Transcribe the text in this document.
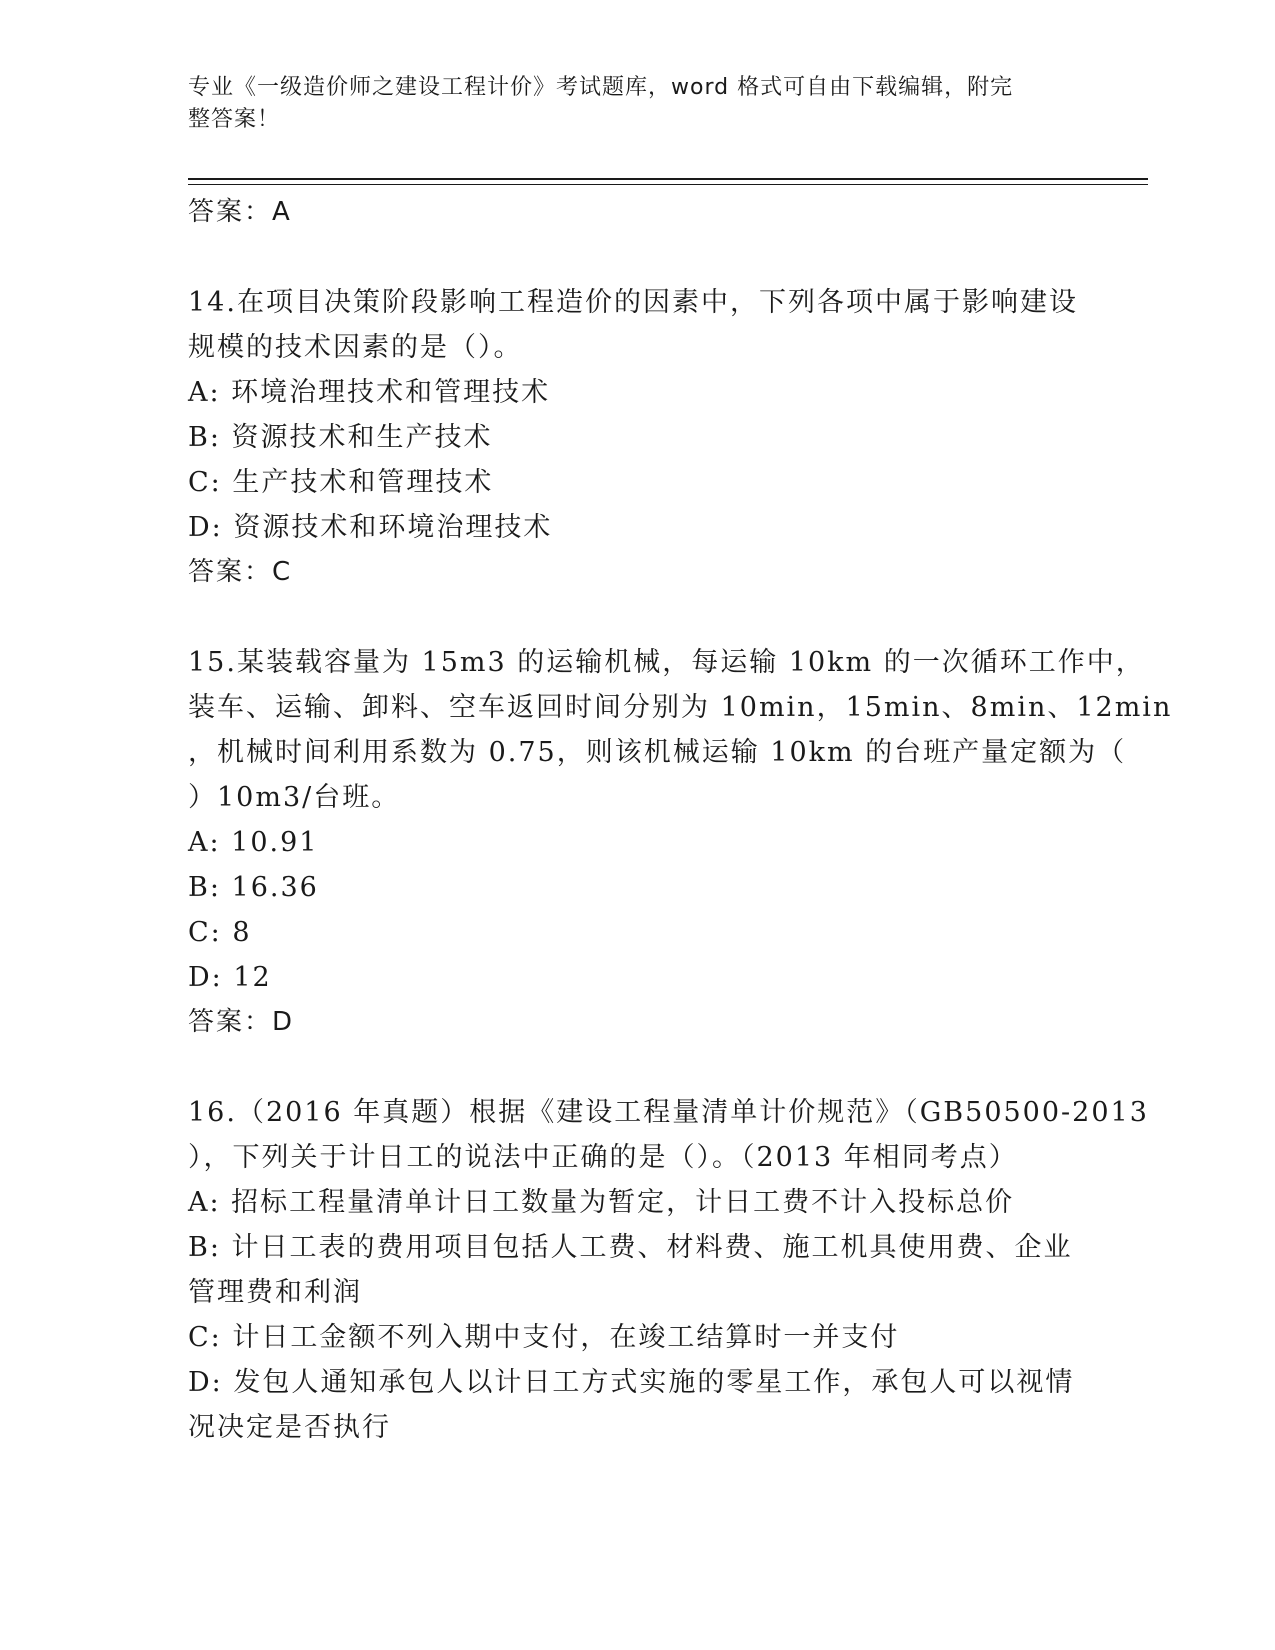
专业《一级造价师之建设工程计价》考试题库，word 格式可自由下载编辑，附完
整答案！
答案：A
14.在项目决策阶段影响工程造价的因素中，下列各项中属于影响建设
规模的技术因素的是（）。
A: 环境治理技术和管理技术
B: 资源技术和生产技术
C: 生产技术和管理技术
D: 资源技术和环境治理技术
答案：C
15.某装载容量为 15m3 的运输机械，每运输 10km 的一次循环工作中，
装车、运输、卸料、空车返回时间分别为 10min，15min、8min、12min
，机械时间利用系数为 0.75，则该机械运输 10km 的台班产量定额为（
）10m3/台班。
A: 10.91
B: 16.36
C: 8
D: 12
答案：D
16.（2016 年真题）根据《建设工程量清单计价规范》（GB50500-2013
），下列关于计日工的说法中正确的是（）。（2013 年相同考点）
A: 招标工程量清单计日工数量为暂定，计日工费不计入投标总价
B: 计日工表的费用项目包括人工费、材料费、施工机具使用费、企业
管理费和利润
C: 计日工金额不列入期中支付，在竣工结算时一并支付
D: 发包人通知承包人以计日工方式实施的零星工作，承包人可以视情
况决定是否执行
